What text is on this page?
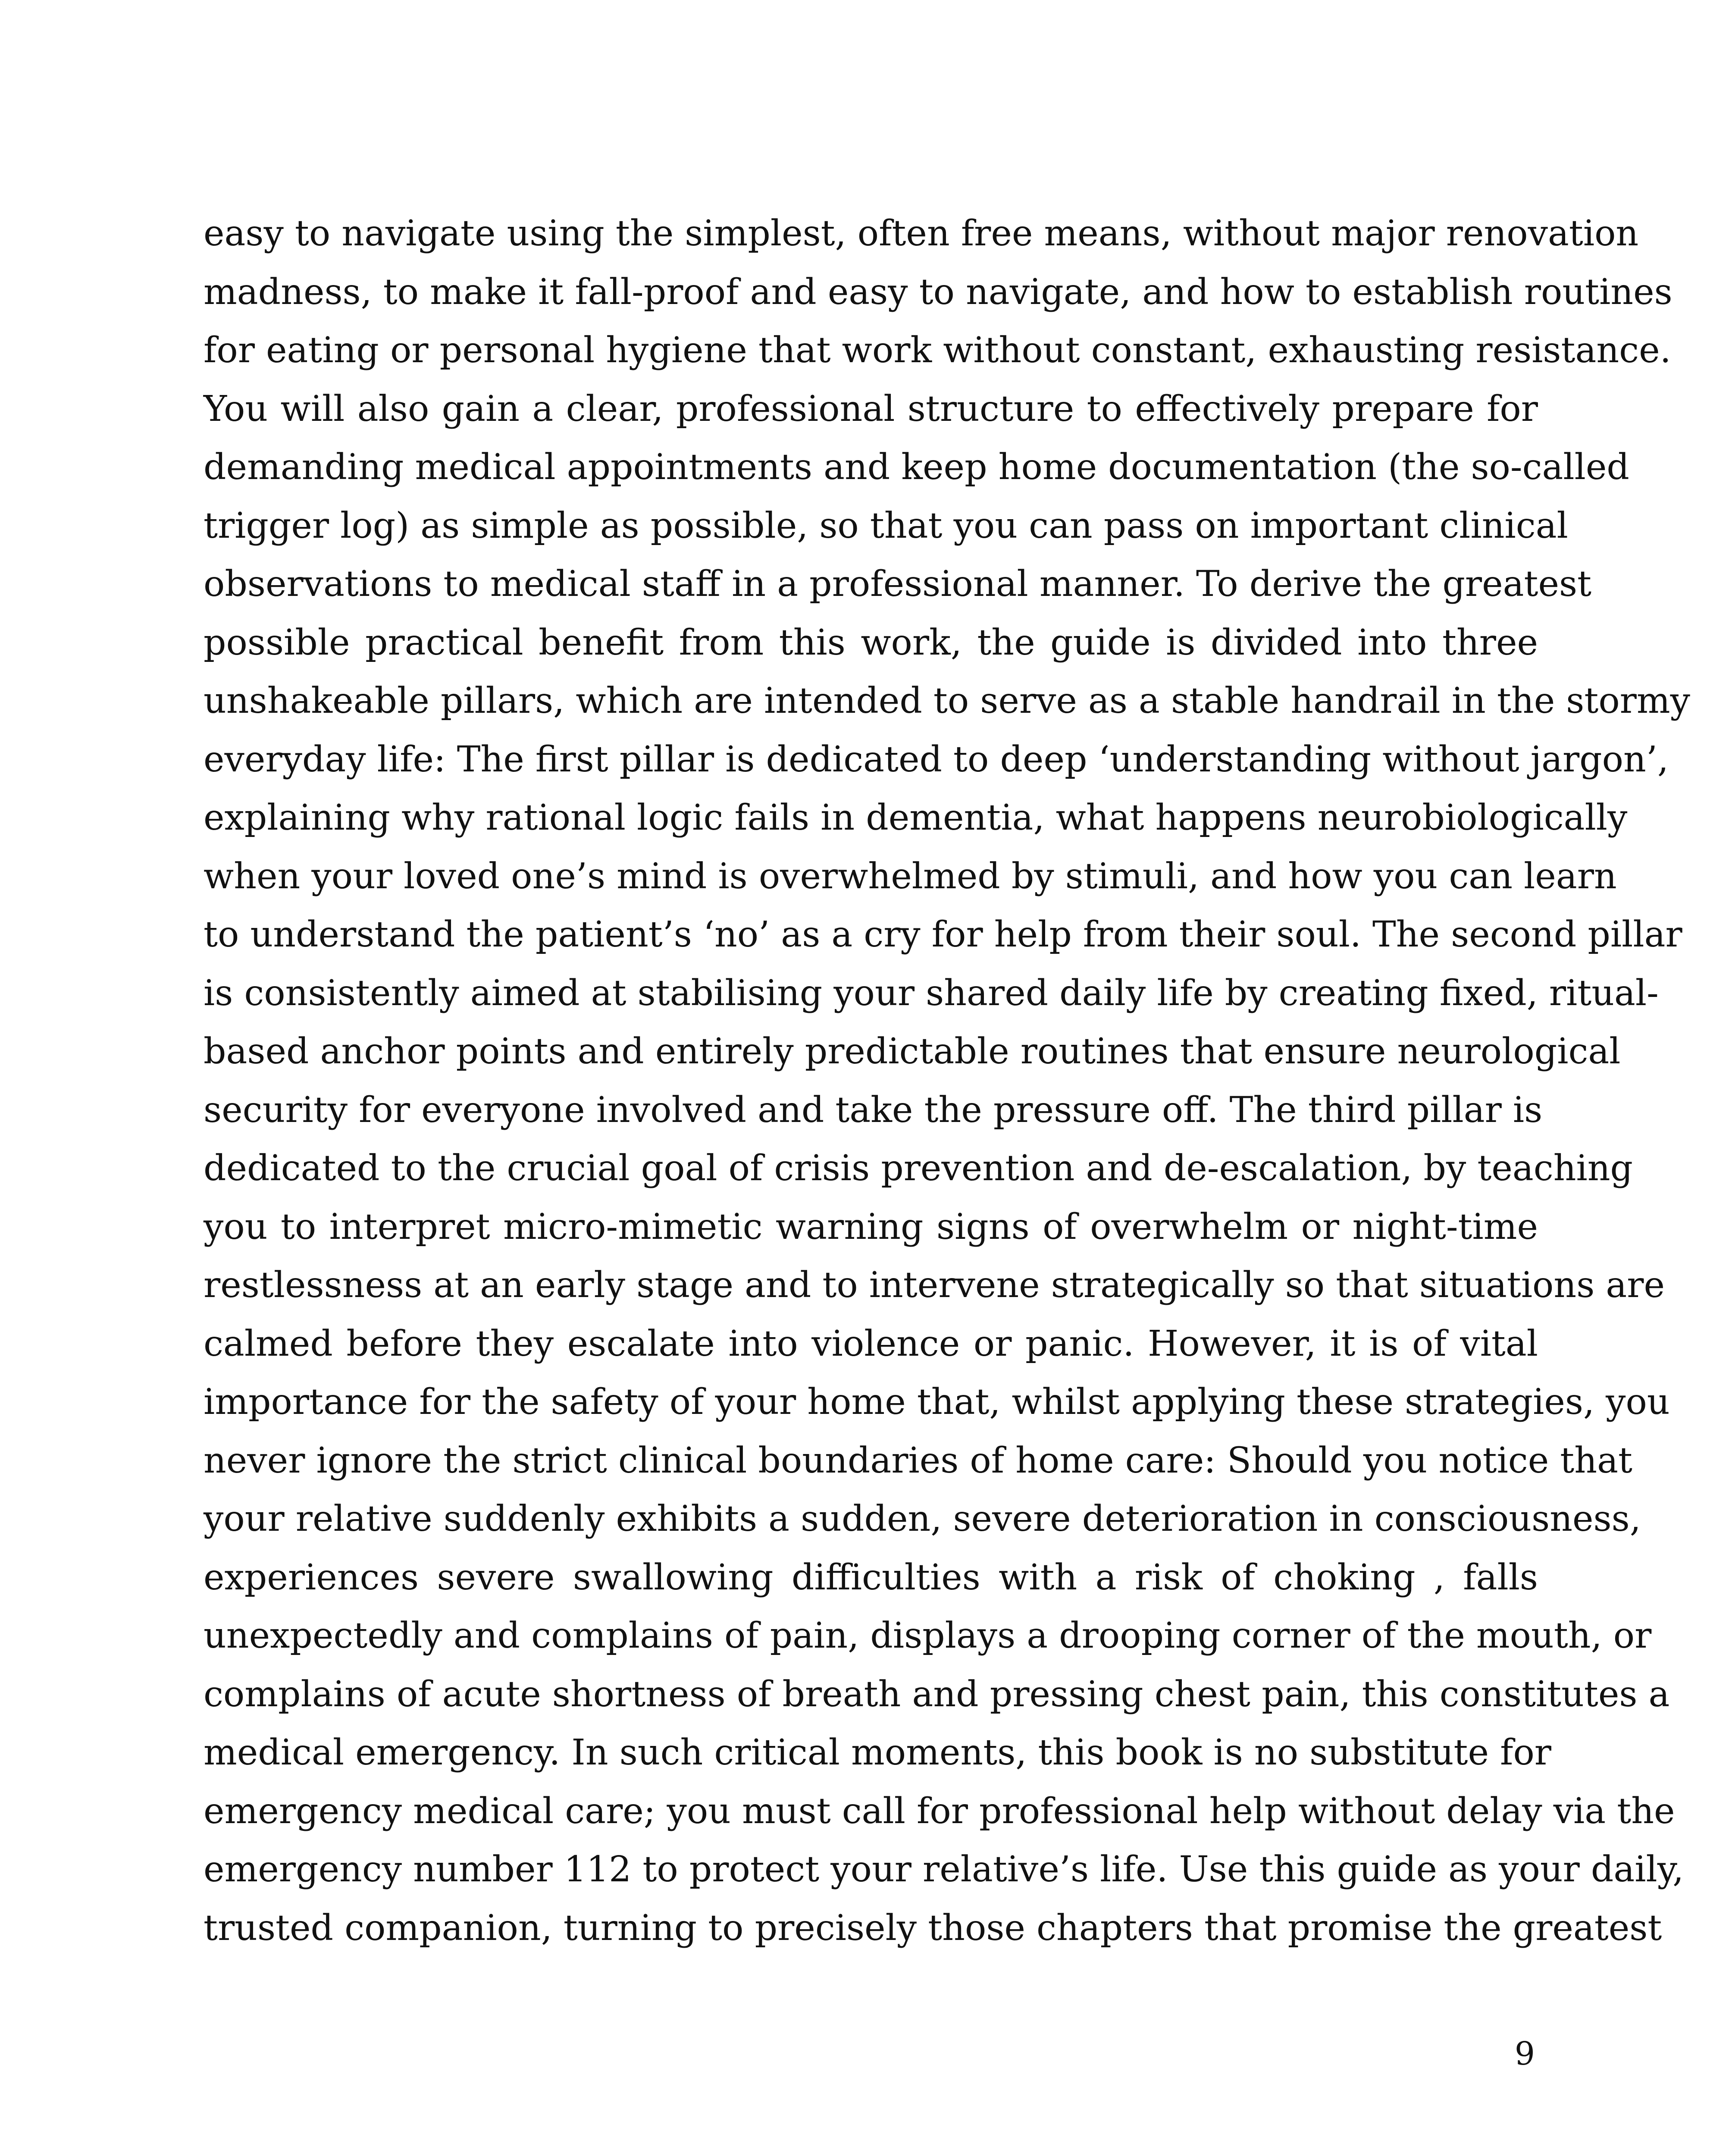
easy to navigate using the simplest, often free means, without major renovation
madness, to make it fall-proof and easy to navigate, and how to establish routines
for eating or personal hygiene that work without constant, exhausting resistance.
You will also gain a clear, professional structure to effectively prepare for
demanding medical appointments and keep home documentation (the so-called
trigger log) as simple as possible, so that you can pass on important clinical
observations to medical staff in a professional manner. To derive the greatest
possible practical benefit from this work, the guide is divided into three
unshakeable pillars, which are intended to serve as a stable handrail in the stormy
everyday life: The first pillar is dedicated to deep ‘understanding without jargon’,
explaining why rational logic fails in dementia, what happens neurobiologically
when your loved one’s mind is overwhelmed by stimuli, and how you can learn
to understand the patient’s ‘no’ as a cry for help from their soul. The second pillar
is consistently aimed at stabilising your shared daily life by creating fixed, ritual-
based anchor points and entirely predictable routines that ensure neurological
security for everyone involved and take the pressure off. The third pillar is
dedicated to the crucial goal of crisis prevention and de-escalation, by teaching
you to interpret micro-mimetic warning signs of overwhelm or night-time
restlessness at an early stage and to intervene strategically so that situations are
calmed before they escalate into violence or panic. However, it is of vital
importance for the safety of your home that, whilst applying these strategies, you
never ignore the strict clinical boundaries of home care: Should you notice that
your relative suddenly exhibits a sudden, severe deterioration in consciousness,
experiences severe swallowing difficulties with a risk of choking , falls
unexpectedly and complains of pain, displays a drooping corner of the mouth, or
complains of acute shortness of breath and pressing chest pain, this constitutes a
medical emergency. In such critical moments, this book is no substitute for
emergency medical care; you must call for professional help without delay via the
emergency number 112 to protect your relative’s life. Use this guide as your daily,
trusted companion, turning to precisely those chapters that promise the greatest
9
